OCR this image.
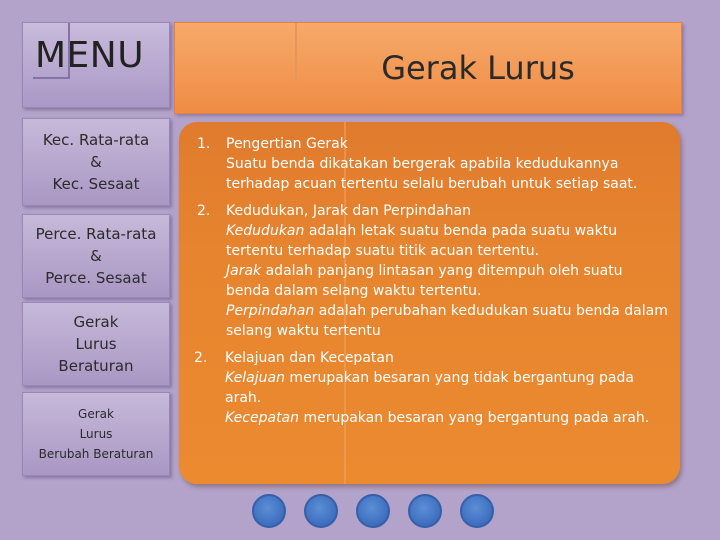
MENU
Kec. Rata-rata
&
Kec. Sesaat
Perce. Rata-rata
&
Perce. Sesaat
Gerak
Lurus
Beraturan
Gerak
Lurus
Berubah Beraturan
Gerak Lurus
1.	Pengertian Gerak
Suatu benda dikatakan bergerak apabila kedudukannya terhadap acuan tertentu selalu berubah untuk setiap saat.
2.	Kedudukan, Jarak dan Perpindahan
Kedudukan adalah letak suatu benda pada suatu waktu tertentu terhadap suatu titik acuan tertentu.
Jarak adalah panjang lintasan yang ditempuh oleh suatu benda dalam selang waktu tertentu.
Perpindahan adalah perubahan kedudukan suatu benda dalam selang waktu tertentu
2.	Kelajuan dan Kecepatan
Kelajuan merupakan besaran yang tidak bergantung pada arah.
Kecepatan merupakan besaran yang bergantung pada arah.
